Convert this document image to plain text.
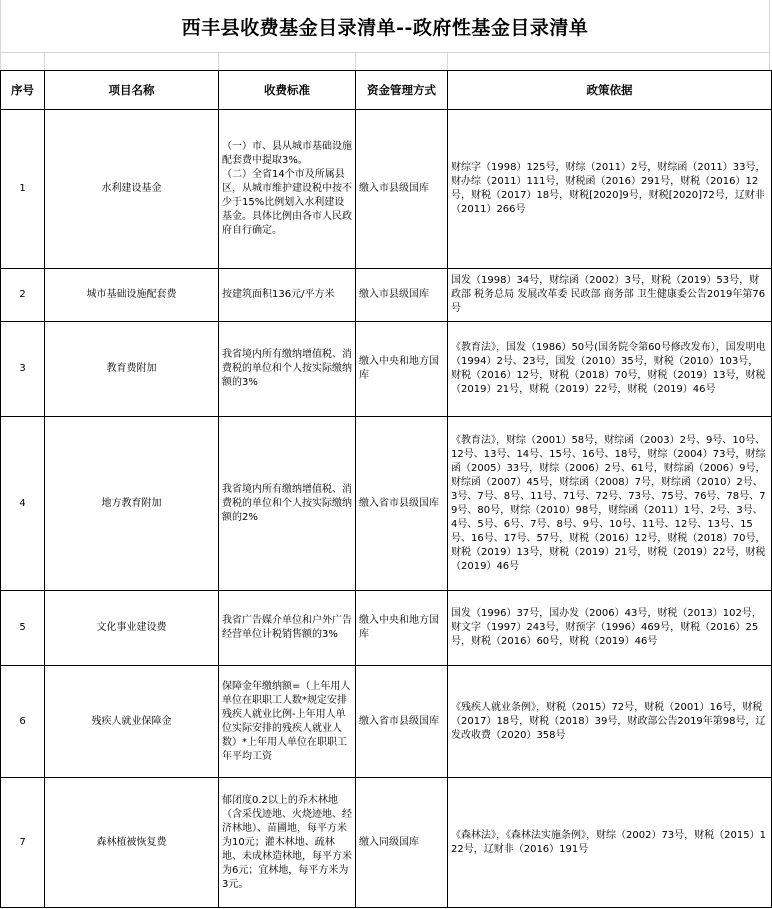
西丰县收费基金目录清单--政府性基金目录清单
序号	项目名称	收费标准	资金管理方式	政策依据
1	水利建设基金	（一）市、县从城市基础设施配套费中提取3%。
（二）全省14个市及所属县区，从城市维护建设税中按不少于15%比例划入水利建设基金。具体比例由各市人民政府自行确定。	缴入市县级国库	财综字（1998）125号，财综（2011）2号，财综函（2011）33号，财办综（2011）111号，财税函（2016）291号，财税（2016）12号，财税（2017）18号，财税[2020]9号，财税[2020]72号，辽财非（2011）266号
2	城市基础设施配套费	按建筑面积136元/平方米	缴入市县级国库	国发（1998）34号，财综函（2002）3号，财税（2019）53号，财政部 税务总局 发展改革委 民政部 商务部 卫生健康委公告2019年第76号
3	教育费附加	我省境内所有缴纳增值税、消费税的单位和个人按实际缴纳额的3%	缴入中央和地方国库	《教育法》，国发（1986）50号(国务院令第60号修改发布），国发明电（1994）2号、23号，国发（2010）35号，财税（2010）103号，财税（2016）12号，财税（2018）70号，财税（2019）13号，财税（2019）21号，财税（2019）22号，财税（2019）46号
4	地方教育附加	我省境内所有缴纳增值税、消费税的单位和个人按实际缴纳额的2%	缴入省市县级国库	《教育法》，财综（2001）58号，财综函（2003）2号、9号、10号、12号、13号、14号、15号、16号、18号，财综（2004）73号，财综函（2005）33号，财综（2006）2号、61号，财综函（2006）9号，财综函（2007）45号，财综函（2008）7号，财综函（2010）2号、3号、7号、8号、11号、71号、72号、73号、75号、76号、78号、79号、80号，财综（2010）98号，财综函（2011）1号、2号、3号、4号、5号、6号、7号、8号、9号、10号、11号、12号、13号、15号、16号、17号、57号，财税（2016）12号，财税（2018）70号，财税（2019）13号，财税（2019）21号，财税（2019）22号，财税（2019）46号
5	文化事业建设费	我省广告媒介单位和户外广告经营单位计税销售额的3%	缴入中央和地方国库	国发（1996）37号，国办发（2006）43号，财税（2013）102号，财文字（1997）243号，财预字（1996）469号，财税（2016）25号，财税（2016）60号，财税（2019）46号
6	残疾人就业保障金	保障金年缴纳额=（上年用人单位在职职工人数*规定安排残疾人就业比例-上年用人单位实际安排的残疾人就业人数）*上年用人单位在职职工年平均工资	缴入省市县级国库	《残疾人就业条例》，财税（2015）72号，财税（2001）16号，财税（2017）18号，财税（2018）39号，财政部公告2019年第98号，辽发改收费（2020）358号
7	森林植被恢复费	郁闭度0.2以上的乔木林地（含采伐迹地、火烧迹地、经济林地）、苗圃地，每平方米为10元；灌木林地、疏林地、未成林造林地，每平方米为6元；宜林地，每平方米为3元。	缴入同级国库	《森林法》，《森林法实施条例》，财综（2002）73号，财税（2015）122号，辽财非（2016）191号
